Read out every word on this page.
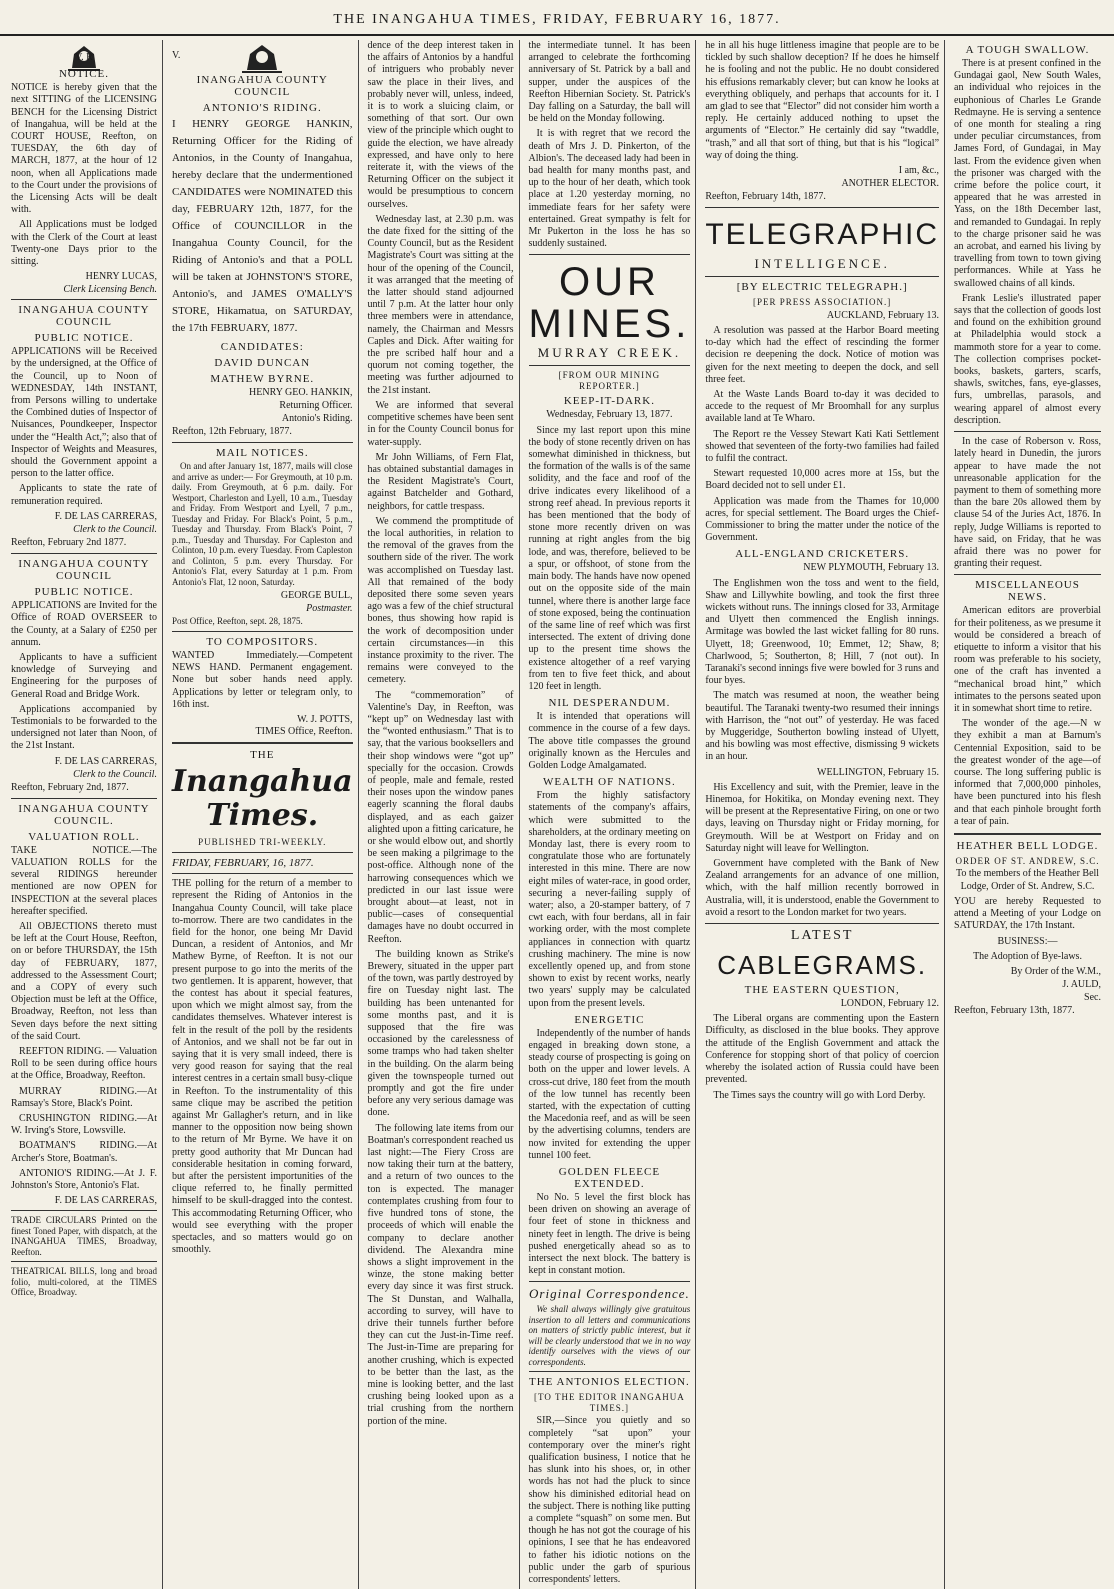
THE INANGAHUA TIMES, FRIDAY, FEBRUARY 16, 1877.

V. R

NOTICE.

NOTICE is hereby given that the next SITTING of the LICENSING BENCH for the Licensing District of Inangahua, will be held at the COURT HOUSE, Reefton, on TUESDAY, the 6th day of MARCH, 1877, at the hour of 12 noon, when all Applications made to the Court under the provisions of the Licensing Acts will be dealt with.

All Applications must be lodged with the Clerk of the Court at least Twenty-one Days prior to the sitting.

HENRY LUCAS,

Clerk Licensing Bench.

INANGAHUA COUNTY COUNCIL
PUBLIC NOTICE.

APPLICATIONS will be Received by the undersigned, at the Office of the Council, up to Noon of WEDNESDAY, 14th INSTANT, from Persons willing to undertake the Combined duties of Inspector of Nuisances, Poundkeeper, Inspector under the “Health Act,”; also that of Inspector of Weights and Measures, should the Government appoint a person to the latter office.

Applicants to state the rate of remuneration required.

F. DE LAS CARRERAS,

Clerk to the Council.

Reefton, February 2nd 1877.

INANGAHUA COUNTY COUNCIL
PUBLIC NOTICE.

APPLICATIONS are Invited for the Office of ROAD OVERSEER to the County, at a Salary of £250 per annum.

Applicants to have a sufficient knowledge of Surveying and Engineering for the purposes of General Road and Bridge Work.

Applications accompanied by Testimonials to be forwarded to the undersigned not later than Noon, of the 21st Instant.

F. DE LAS CARRERAS,

Clerk to the Council.

Reefton, February 2nd, 1877.

INANGAHUA COUNTY COUNCIL.
VALUATION ROLL.

TAKE NOTICE.—The VALUATION ROLLS for the several RIDINGS hereunder mentioned are now OPEN for INSPECTION at the several places hereafter specified.

All OBJECTIONS thereto must be left at the Court House, Reefton, on or before THURSDAY, the 15th day of FEBRUARY, 1877, addressed to the Assessment Court; and a COPY of every such Objection must be left at the Office, Broadway, Reefton, not less than Seven days before the next sitting of the said Court.

REEFTON RIDING. — Valuation Roll to be seen during office hours at the Office, Broadway, Reefton.

MURRAY RIDING.—At Ramsay's Store, Black's Point.

CRUSHINGTON RIDING.—At W. Irving's Store, Lowsville.

BOATMAN'S RIDING.—At Archer's Store, Boatman's.

ANTONIO'S RIDING.—At J. F. Johnston's Store, Antonio's Flat.

F. DE LAS CARRERAS,

TRADE CIRCULARS Printed on the finest Toned Paper, with dispatch, at the INANGAHUA TIMES, Broadway, Reefton.

THEATRICAL BILLS, long and broad folio, multi-colored, at the TIMES Office, Broadway.

V.

INANGAHUA COUNTY COUNCIL
ANTONIO'S RIDING.

I HENRY GEORGE HANKIN, Returning Officer for the Riding of Antonios, in the County of Inangahua, hereby declare that the undermentioned CANDIDATES were NOMINATED this day, FEBRUARY 12th, 1877, for the Office of COUNCILLOR in the Inangahua County Council, for the Riding of Antonio's and that a POLL will be taken at JOHNSTON'S STORE, Antonio's, and JAMES O'MALLY'S STORE, Hikamatua, on SATURDAY, the 17th FEBRUARY, 1877.

CANDIDATES:
DAVID DUNCAN
MATHEW BYRNE.

HENRY GEO. HANKIN,

Returning Officer.

Antonio's Riding.

Reefton, 12th February, 1877.

MAIL NOTICES.

On and after January 1st, 1877, mails will close and arrive as under:— For Greymouth, at 10 p.m. daily. From Greymouth, at 6 p.m. daily. For Westport, Charleston and Lyell, 10 a.m., Tuesday and Friday. From Westport and Lyell, 7 p.m., Tuesday and Friday. For Black's Point, 5 p.m., Tuesday and Thursday. From Black's Point, 7 p.m., Tuesday and Thursday. For Capleston and Colinton, 10 p.m. every Tuesday. From Capleston and Colinton, 5 p.m. every Thursday. For Antonio's Flat, every Saturday at 1 p.m. From Antonio's Flat, 12 noon, Saturday.

GEORGE BULL,

Postmaster.

Post Office, Reefton, sept. 28, 1875.

TO COMPOSITORS.

WANTED Immediately.—Competent NEWS HAND. Permanent engagement. None but sober hands need apply. Applications by letter or telegram only, to 16th inst.

W. J. POTTS,

TIMES Office, Reefton.

THE
Inangahua Times.
PUBLISHED TRI-WEEKLY.

FRIDAY, FEBRUARY, 16, 1877.

THE polling for the return of a member to represent the Riding of Antonios in the Inangahua County Council, will take place to-morrow. There are two candidates in the field for the honor, one being Mr David Duncan, a resident of Antonios, and Mr Mathew Byrne, of Reefton. It is not our present purpose to go into the merits of the two gentlemen. It is apparent, however, that the contest has about it special features, upon which we might almost say, from the candidates themselves. Whatever interest is felt in the result of the poll by the residents of Antonios, and we shall not be far out in saying that it is very small indeed, there is very good reason for saying that the real interest centres in a certain small busy-clique in Reefton. To the instrumentality of this same clique may be ascribed the petition against Mr Gallagher's return, and in like manner to the opposition now being shown to the return of Mr Byrne. We have it on pretty good authority that Mr Duncan had considerable hesitation in coming forward, but after the persistent importunities of the clique referred to, he finally permitted himself to be skull-dragged into the contest. This accommodating Returning Officer, who would see everything with the proper spectacles, and so matters would go on smoothly.

dence of the deep interest taken in the affairs of Antonios by a handful of intriguers who probably never saw the place in their lives, and probably never will, unless, indeed, it is to work a sluicing claim, or something of that sort. Our own view of the principle which ought to guide the election, we have already expressed, and have only to here reiterate it, with the views of the Returning Officer on the subject it would be presumptious to concern ourselves.

Wednesday last, at 2.30 p.m. was the date fixed for the sitting of the County Council, but as the Resident Magistrate's Court was sitting at the hour of the opening of the Council, it was arranged that the meeting of the latter should stand adjourned until 7 p.m. At the latter hour only three members were in attendance, namely, the Chairman and Messrs Caples and Dick. After waiting for the pre scribed half hour and a quorum not coming together, the meeting was further adjourned to the 21st instant.

We are informed that several competitive schemes have been sent in for the County Council bonus for water-supply.

Mr John Williams, of Fern Flat, has obtained substantial damages in the Resident Magistrate's Court, against Batchelder and Gothard, neighbors, for cattle trespass.

We commend the promptitude of the local authorities, in relation to the removal of the graves from the southern side of the river. The work was accomplished on Tuesday last. All that remained of the body deposited there some seven years ago was a few of the chief structural bones, thus showing how rapid is the work of decomposition under certain circumstances—in this instance proximity to the river. The remains were conveyed to the cemetery.

The “commemoration” of Valentine's Day, in Reefton, was “kept up” on Wednesday last with the “wonted enthusiasm.” That is to say, that the various booksellers and their shop windows were “got up” specially for the occasion. Crowds of people, male and female, rested their noses upon the window panes eagerly scanning the floral daubs displayed, and as each gaizer alighted upon a fitting caricature, he or she would elbow out, and shortly be seen making a pilgrimage to the post-office. Although none of the harrowing consequences which we predicted in our last issue were brought about—at least, not in public—cases of consequential damages have no doubt occurred in Reefton.

The building known as Strike's Brewery, situated in the upper part of the town, was partly destroyed by fire on Tuesday night last. The building has been untenanted for some months past, and it is supposed that the fire was occasioned by the carelessness of some tramps who had taken shelter in the building. On the alarm being given the townspeople turned out promptly and got the fire under before any very serious damage was done.

The following late items from our Boatman's correspondent reached us last night:—The Fiery Cross are now taking their turn at the battery, and a return of two ounces to the ton is expected. The manager contemplates crushing from four to five hundred tons of stone, the proceeds of which will enable the company to declare another dividend. The Alexandra mine shows a slight improvement in the winze, the stone making better every day since it was first struck. The St Dunstan, and Walhalla, according to survey, will have to drive their tunnels further before they can cut the Just-in-Time reef. The Just-in-Time are preparing for another crushing, which is expected to be better than the last, as the mine is looking better, and the last crushing being looked upon as a trial crushing from the northern portion of the mine.

the intermediate tunnel. It has been arranged to celebrate the forthcoming anniversary of St. Patrick by a ball and supper, under the auspices of the Reefton Hibernian Society. St. Patrick's Day falling on a Saturday, the ball will be held on the Monday following.

It is with regret that we record the death of Mrs J. D. Pinkerton, of the Albion's. The deceased lady had been in bad health for many months past, and up to the hour of her death, which took place at 1.20 yesterday morning, no immediate fears for her safety were entertained. Great sympathy is felt for Mr Pukerton in the loss he has so suddenly sustained.

OUR MINES.
MURRAY CREEK.
[FROM OUR MINING REPORTER.]
KEEP-IT-DARK.

Wednesday, February 13, 1877.

Since my last report upon this mine the body of stone recently driven on has somewhat diminished in thickness, but the formation of the walls is of the same solidity, and the face and roof of the drive indicates every likelihood of a strong reef ahead. In previous reports it has been mentioned that the body of stone more recently driven on was running at right angles from the big lode, and was, therefore, believed to be a spur, or offshoot, of stone from the main body. The hands have now opened out on the opposite side of the main tunnel, where there is another large face of stone exposed, being the continuation of the same line of reef which was first intersected. The extent of driving done up to the present time shows the existence altogether of a reef varying from ten to five feet thick, and about 120 feet in length.

NIL DESPERANDUM.

It is intended that operations will commence in the course of a few days. The above title compasses the ground originally known as the Hercules and Golden Lodge Amalgamated.

WEALTH OF NATIONS.

From the highly satisfactory statements of the company's affairs, which were submitted to the shareholders, at the ordinary meeting on Monday last, there is every room to congratulate those who are fortunately interested in this mine. There are now eight miles of water-race, in good order, securing a never-failing supply of water; also, a 20-stamper battery, of 7 cwt each, with four berdans, all in fair working order, with the most complete appliances in connection with quartz crushing machinery. The mine is now excellently opened up, and from stone shown to exist by recent works, nearly two years' supply may be calculated upon from the present levels.

ENERGETIC

Independently of the number of hands engaged in breaking down stone, a steady course of prospecting is going on both on the upper and lower levels. A cross-cut drive, 180 feet from the mouth of the low tunnel has recently been started, with the expectation of cutting the Macedonia reef, and as will be seen by the advertising columns, tenders are now invited for extending the upper tunnel 100 feet.

GOLDEN FLEECE EXTENDED.

No No. 5 level the first block has been driven on showing an average of four feet of stone in thickness and ninety feet in length. The drive is being pushed energetically ahead so as to intersect the next block. The battery is kept in constant motion.

Original Correspondence.

We shall always willingly give gratuitous insertion to all letters and communications on matters of strictly public interest, but it will be clearly understood that we in no way identify ourselves with the views of our correspondents.

THE ANTONIOS ELECTION.
[TO THE EDITOR INANGAHUA TIMES.]

SIR,—Since you quietly and so completely “sat upon” your contemporary over the miner's right qualification business, I notice that he has slunk into his shoes, or, in other words has not had the pluck to since show his diminished editorial head on the subject. There is nothing like putting a complete “squash” on some men. But though he has not got the courage of his opinions, I see that he has endeavored to father his idiotic notions on the public under the garb of spurious correspondents' letters.

he in all his huge littleness imagine that people are to be tickled by such shallow deception? If he does he himself he is fooling and not the public. He no doubt considered his effusions remarkably clever; but can know he looks at everything obliquely, and perhaps that accounts for it. I am glad to see that “Elector” did not consider him worth a reply. He certainly adduced nothing to upset the arguments of “Elector.” He certainly did say “twaddle, “trash,” and all that sort of thing, but that is his “logical” way of doing the thing.

I am, &c.,

ANOTHER ELECTOR.

Reefton, February 14th, 1877.

TELEGRAPHIC
INTELLIGENCE.
[BY ELECTRIC TELEGRAPH.]
[PER PRESS ASSOCIATION.]

AUCKLAND, February 13.

A resolution was passed at the Harbor Board meeting to-day which had the effect of rescinding the former decision re deepening the dock. Notice of motion was given for the next meeting to deepen the dock, and sell three feet.

At the Waste Lands Board to-day it was decided to accede to the request of Mr Broomhall for any surplus available land at Te Wharo.

The Report re the Vessey Stewart Kati Kati Settlement showed that seventeen of the forty-two families had failed to fulfil the contract.

Stewart requested 10,000 acres more at 15s, but the Board decided not to sell under £1.

Application was made from the Thames for 10,000 acres, for special settlement. The Board urges the Chief-Commissioner to bring the matter under the notice of the Government.

ALL-ENGLAND CRICKETERS.

NEW PLYMOUTH, February 13.

The Englishmen won the toss and went to the field, Shaw and Lillywhite bowling, and took the first three wickets without runs. The innings closed for 33, Armitage and Ulyett then commenced the English innings. Armitage was bowled the last wicket falling for 80 runs. Ulyett, 18; Greenwood, 10; Emmet, 12; Shaw, 8; Charlwood, 5; Southerton, 8; Hill, 7 (not out). In Taranaki's second innings five were bowled for 3 runs and four byes.

The match was resumed at noon, the weather being beautiful. The Taranaki twenty-two resumed their innings with Harrison, the “not out” of yesterday. He was faced by Muggeridge, Southerton bowling instead of Ulyett, and his bowling was most effective, dismissing 9 wickets in an hour.

WELLINGTON, February 15.

His Excellency and suit, with the Premier, leave in the Hinemoa, for Hokitika, on Monday evening next. They will be present at the Representative Firing, on one or two days, leaving on Thursday night or Friday morning, for Greymouth. Will be at Westport on Friday and on Saturday night will leave for Wellington.

Government have completed with the Bank of New Zealand arrangements for an advance of one million, which, with the half million recently borrowed in Australia, will, it is understood, enable the Government to avoid a resort to the London market for two years.

LATEST
CABLEGRAMS.
THE EASTERN QUESTION,

LONDON, February 12.

The Liberal organs are commenting upon the Eastern Difficulty, as disclosed in the blue books. They approve the attitude of the English Government and attack the Conference for stopping short of that policy of coercion whereby the isolated action of Russia could have been prevented.

The Times says the country will go with Lord Derby.

A TOUGH SWALLOW.

There is at present confined in the Gundagai gaol, New South Wales, an individual who rejoices in the euphonious of Charles Le Grande Redmayne. He is serving a sentence of one month for stealing a ring under peculiar circumstances, from James Ford, of Gundagai, in May last. From the evidence given when the prisoner was charged with the crime before the police court, it appeared that he was arrested in Yass, on the 18th December last, and remanded to Gundagai. In reply to the charge prisoner said he was an acrobat, and earned his living by travelling from town to town giving performances. While at Yass he swallowed chains of all kinds.

Frank Leslie's illustrated paper says that the collection of goods lost and found on the exhibition ground at Philadelphia would stock a mammoth store for a year to come. The collection comprises pocket-books, baskets, garters, scarfs, shawls, switches, fans, eye-glasses, furs, umbrellas, parasols, and wearing apparel of almost every description.

In the case of Roberson v. Ross, lately heard in Dunedin, the jurors appear to have made the not unreasonable application for the payment to them of something more than the bare 20s allowed them by clause 54 of the Juries Act, 1876. In reply, Judge Williams is reported to have said, on Friday, that he was afraid there was no power for granting their request.

MISCELLANEOUS NEWS.

American editors are proverbial for their politeness, as we presume it would be considered a breach of etiquette to inform a visitor that his room was preferable to his society, one of the craft has invented a “mechanical broad hint,” which intimates to the persons seated upon it in somewhat short time to retire.

The wonder of the age.—N w they exhibit a man at Barnum's Centennial Exposition, said to be the greatest wonder of the age—of course. The long suffering public is informed that 7,000,000 pinholes, have been punctured into his flesh and that each pinhole brought forth a tear of pain.

HEATHER BELL LODGE.
ORDER OF ST. ANDREW, S.C.

To the members of the Heather Bell Lodge, Order of St. Andrew, S.C.

YOU are hereby Requested to attend a Meeting of your Lodge on SATURDAY, the 17th Instant.

BUSINESS:—

The Adoption of Bye-laws.

By Order of the W.M.,

J. AULD,

Sec.

Reefton, February 13th, 1877.
